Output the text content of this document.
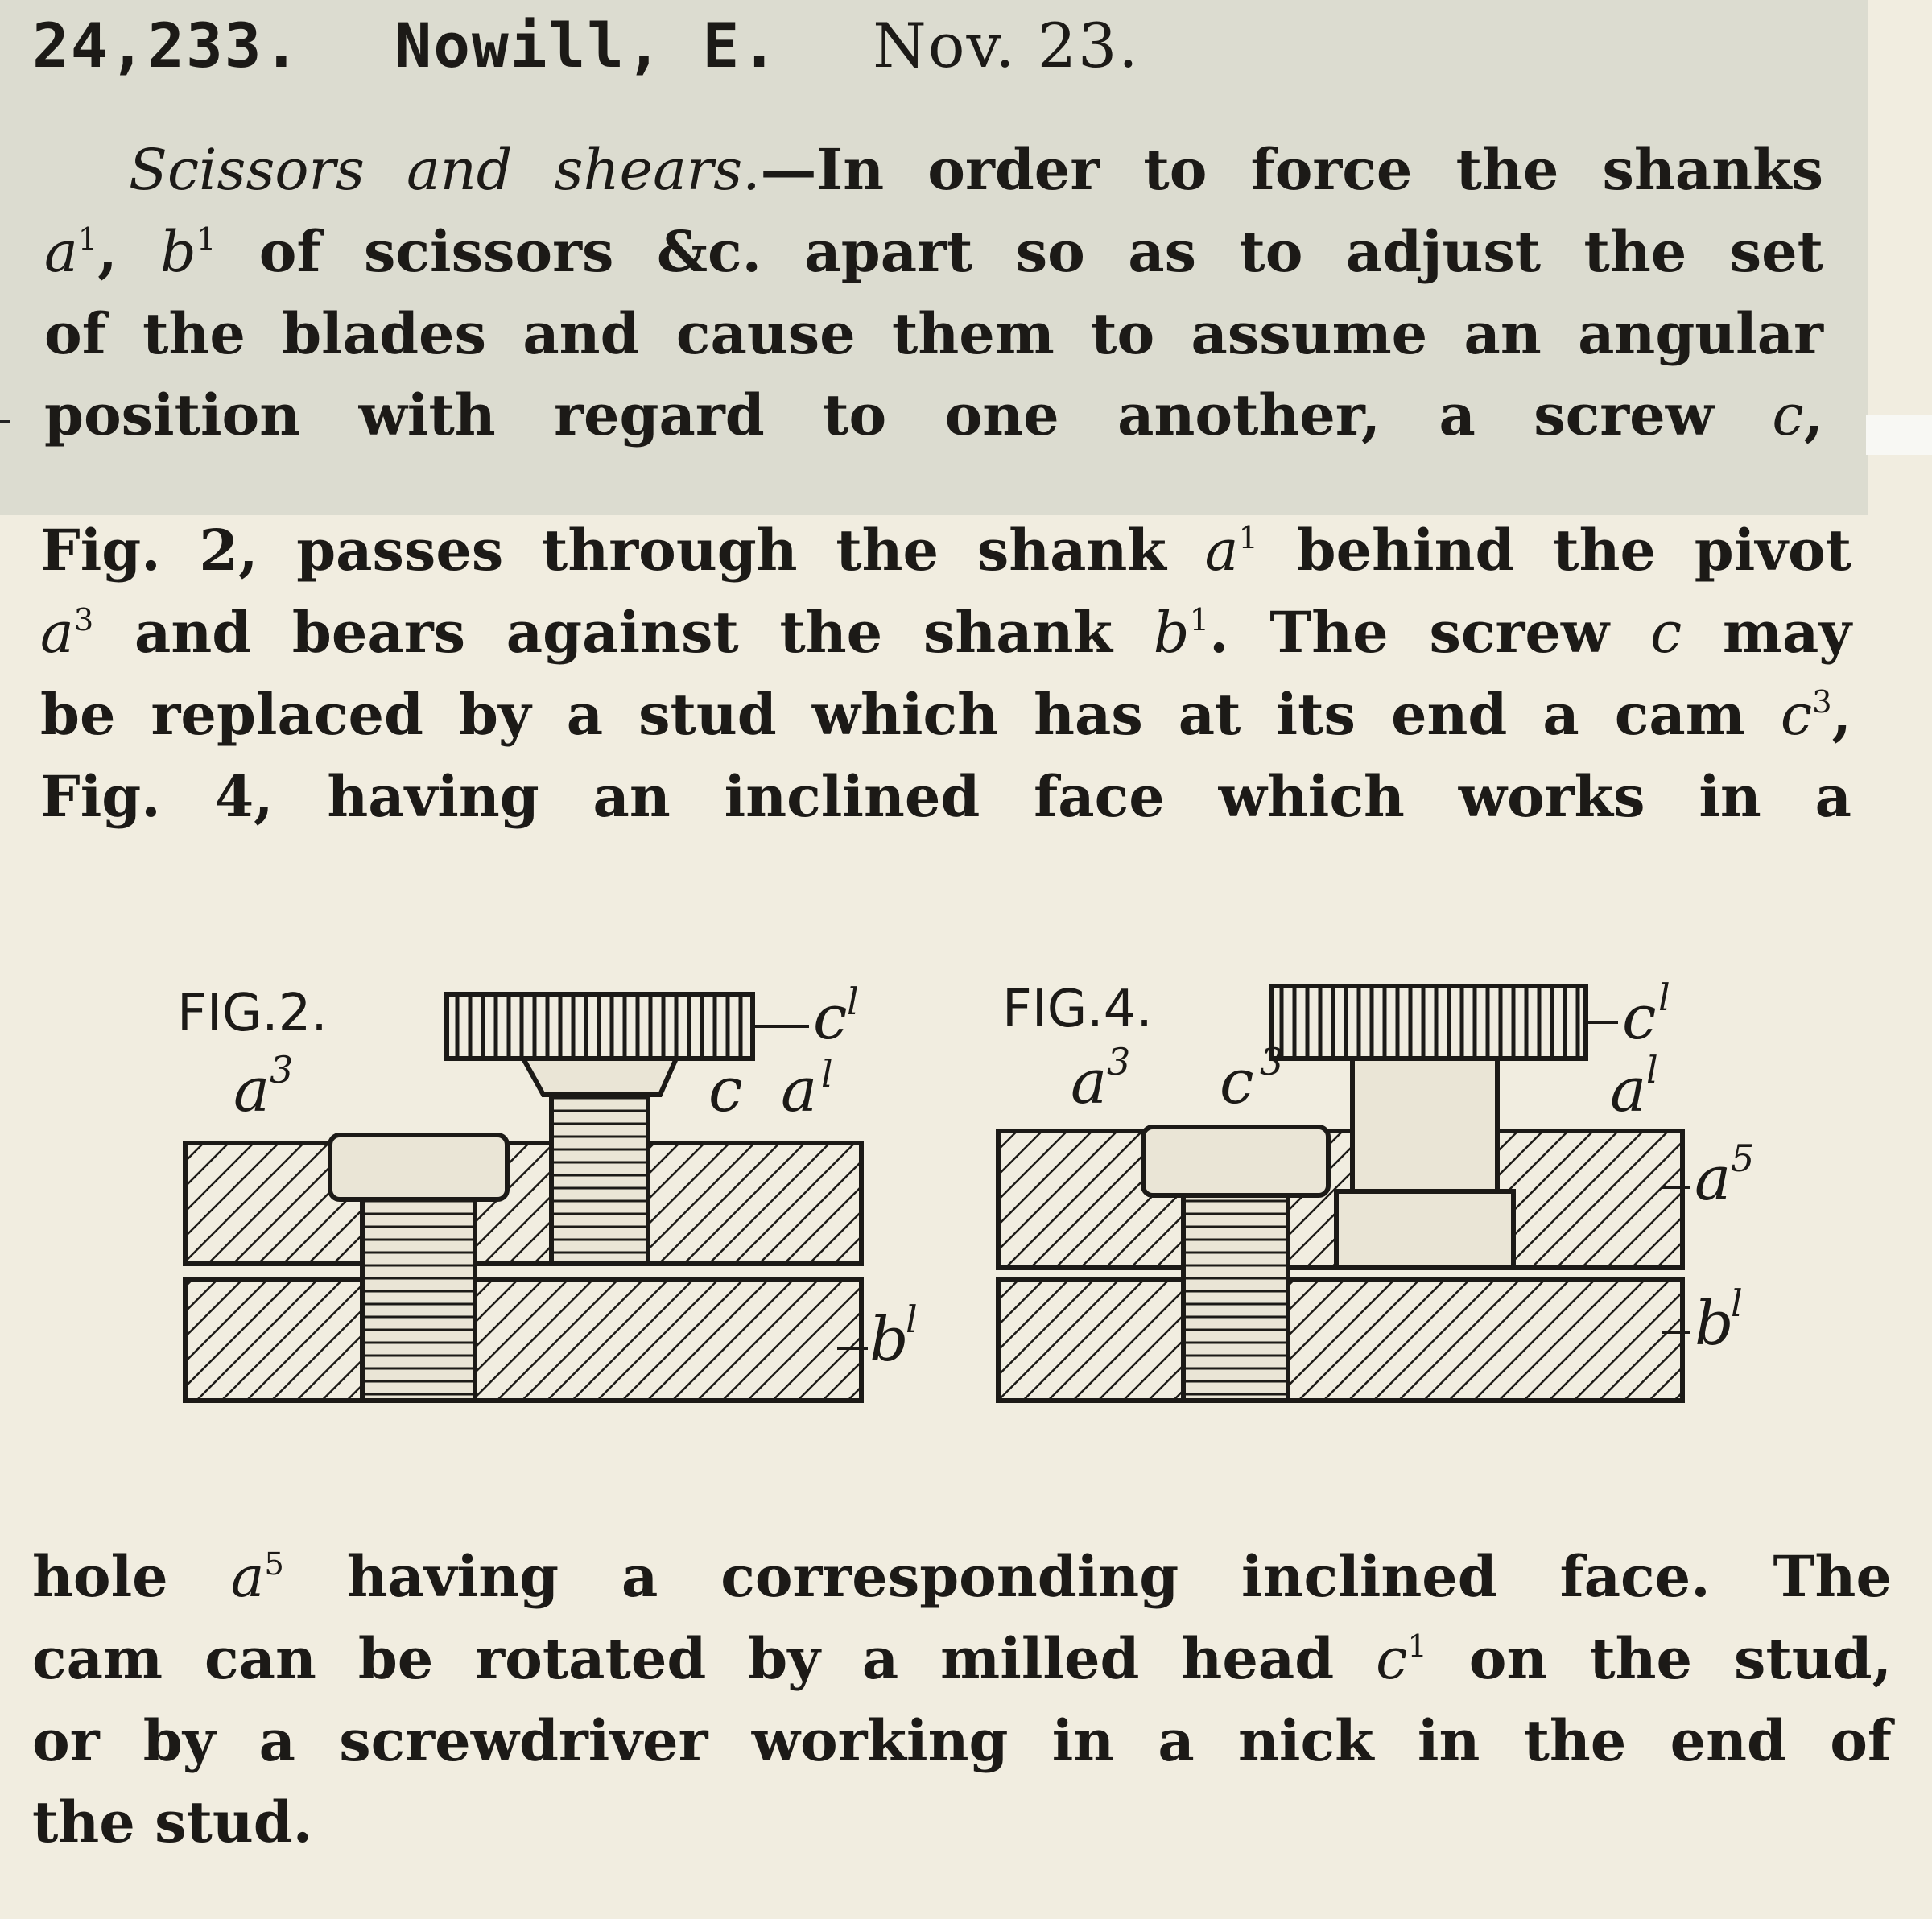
24,233. Nowill, E. Nov. 23.
Scissors and shears.—In order to force the shanks
$a^1$, $b^1$ of scissors &c. apart so as to adjust the set
of the blades and cause them to assume an angular
position with regard to one another, a screw c,
Fig. 2, passes through the shank $a^1$ behind the pivot
$a^3$ and bears against the shank $b^1$. The screw c may
be replaced by a stud which has at its end a cam $c^3$,
Fig. 4, having an inclined face which works in a
FIG.2.	c l
c a l
a 3
b
l
FIG.4.	c l
a l
a 3 c 3
a 5
b
l
hole $a^5$ having a corresponding inclined face. The
cam can be rotated by a milled head $c^1$ on the stud,
or by a screwdriver working in a nick in the end of
the stud.
